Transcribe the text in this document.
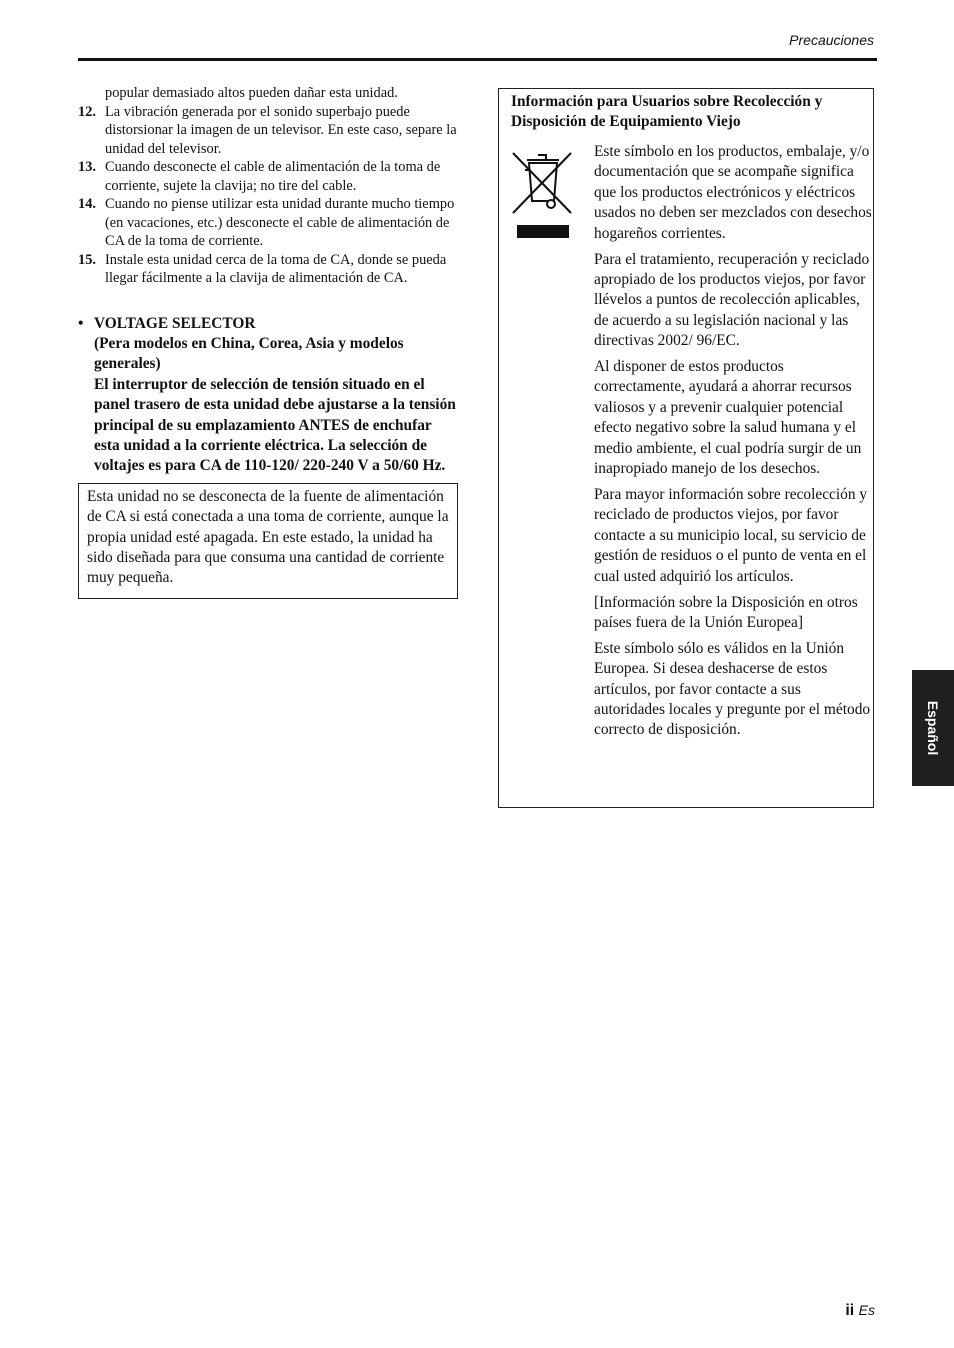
Precauciones
popular demasiado altos pueden dañar esta unidad.
12. La vibración generada por el sonido superbajo puede distorsionar la imagen de un televisor. En este caso, separe la unidad del televisor.
13. Cuando desconecte el cable de alimentación de la toma de corriente, sujete la clavija; no tire del cable.
14. Cuando no piense utilizar esta unidad durante mucho tiempo (en vacaciones, etc.) desconecte el cable de alimentación de CA de la toma de corriente.
15. Instale esta unidad cerca de la toma de CA, donde se pueda llegar fácilmente a la clavija de alimentación de CA.
• VOLTAGE SELECTOR
(Pera modelos en China, Corea, Asia y modelos generales)
El interruptor de selección de tensión situado en el panel trasero de esta unidad debe ajustarse a la tensión principal de su emplazamiento ANTES de enchufar esta unidad a la corriente eléctrica. La selección de voltajes es para CA de 110-120/ 220-240 V a 50/60 Hz.
Esta unidad no se desconecta de la fuente de alimentación de CA si está conectada a una toma de corriente, aunque la propia unidad esté apagada. En este estado, la unidad ha sido diseñada para que consuma una cantidad de corriente muy pequeña.
Información para Usuarios sobre Recolección y Disposición de Equipamiento Viejo

Este símbolo en los productos, embalaje, y/o documentación que se acompañe significa que los productos electrónicos y eléctricos usados no deben ser mezclados con desechos hogareños corrientes.

Para el tratamiento, recuperación y reciclado apropiado de los productos viejos, por favor llévelos a puntos de recolección aplicables, de acuerdo a su legislación nacional y las directivas 2002/ 96/EC.

Al disponer de estos productos correctamente, ayudará a ahorrar recursos valiosos y a prevenir cualquier potencial efecto negativo sobre la salud humana y el medio ambiente, el cual podría surgir de un inapropiado manejo de los desechos.

Para mayor información sobre recolección y reciclado de productos viejos, por favor contacte a su municipio local, su servicio de gestión de residuos o el punto de venta en el cual usted adquirió los artículos.

[Información sobre la Disposición en otros países fuera de la Unión Europea]

Este símbolo sólo es válidos en la Unión Europea. Si desea deshacerse de estos artículos, por favor contacte a sus autoridades locales y pregunte por el método correcto de disposición.	Español
ii Es
